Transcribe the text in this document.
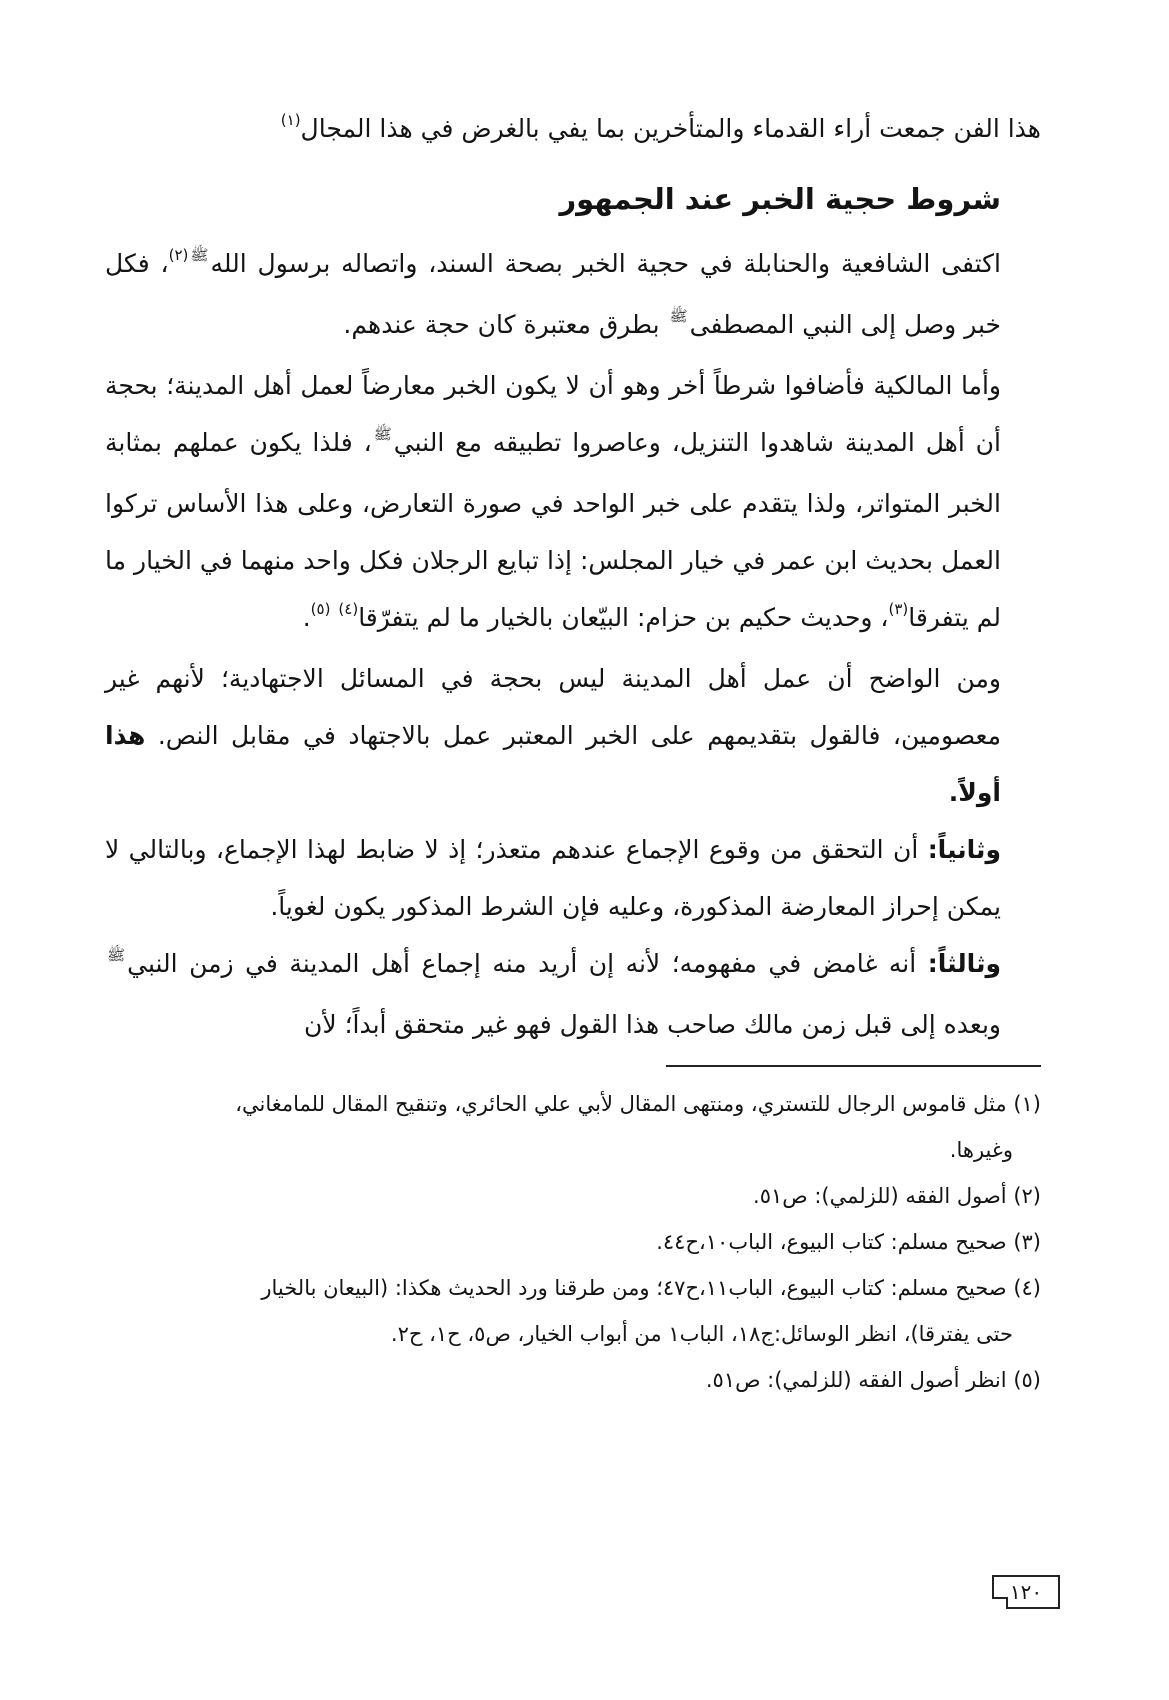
هذا الفن جمعت أراء القدماء والمتأخرين بما يفي بالغرض في هذا المجال$^{(١)}$

شروط حجية الخبر عند الجمهور

اكتفى الشافعية والحنابلة في حجية الخبر بصحة السند، واتصاله برسول الله$^{ﷺ(٢)}$، فكل خبر وصل إلى النبي المصطفى$^ﷺ$ بطرق معتبرة كان حجة عندهم.

وأما المالكية فأضافوا شرطاً أخر وهو أن لا يكون الخبر معارضاً لعمل أهل المدينة؛ بحجة أن أهل المدينة شاهدوا التنزيل، وعاصروا تطبيقه مع النبي$^ﷺ$، فلذا يكون عملهم بمثابة الخبر المتواتر، ولذا يتقدم على خبر الواحد في صورة التعارض، وعلى هذا الأساس تركوا العمل بحديث ابن عمر في خيار المجلس: إذا تبايع الرجلان فكل واحد منهما في الخيار ما لم يتفرقا$^{(٣)}$، وحديث حكيم بن حزام: البيّعان بالخيار ما لم يتفرّقا$^{(٤)}$ $^{(٥)}$.

ومن الواضح أن عمل أهل المدينة ليس بحجة في المسائل الاجتهادية؛ لأنهم غير معصومين، فالقول بتقديمهم على الخبر المعتبر عمل بالاجتهاد في مقابل النص. هذا أولاً.

وثانياً: أن التحقق من وقوع الإجماع عندهم متعذر؛ إذ لا ضابط لهذا الإجماع، وبالتالي لا يمكن إحراز المعارضة المذكورة، وعليه فإن الشرط المذكور يكون لغوياً.

وثالثاً: أنه غامض في مفهومه؛ لأنه إن أريد منه إجماع أهل المدينة في زمن النبي$^ﷺ$ وبعده إلى قبل زمن مالك صاحب هذا القول فهو غير متحقق أبداً؛ لأن

(١) مثل قاموس الرجال للتستري، ومنتهى المقال لأبي علي الحائري، وتنقيح المقال للمامغاني،

وغيرها.

(٢) أصول الفقه (للزلمي): ص٥١.

(٣) صحيح مسلم: كتاب البيوع، الباب١٠،ح٤٤.

(٤) صحيح مسلم: كتاب البيوع، الباب١١،ح٤٧؛ ومن طرقنا ورد الحديث هكذا: (البيعان بالخيار

حتى يفترقا)، انظر الوسائل:ج١٨، الباب١ من أبواب الخيار، ص٥، ح١، ح٢.

(٥) انظر أصول الفقه (للزلمي): ص٥١.

١٢٠
